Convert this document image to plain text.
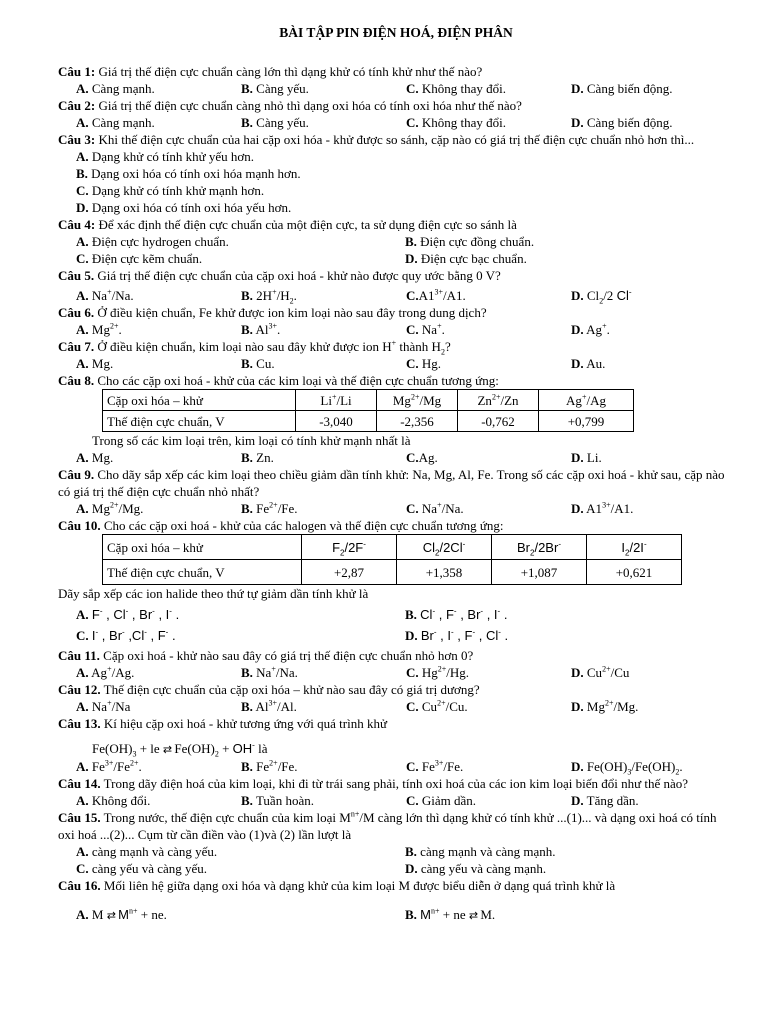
BÀI TẬP PIN ĐIỆN HOÁ, ĐIỆN PHÂN
Câu 1: Giá trị thế điện cực chuẩn càng lớn thì dạng khử có tính khử như thế nào?
A. Càng mạnh.	B. Càng yếu.	C. Không thay đổi.	D. Càng biến động.
Câu 2: Giá trị thế điện cực chuẩn càng nhỏ thì dạng oxi hóa có tính oxi hóa như thế nào?
A. Càng mạnh.	B. Càng yếu.	C. Không thay đổi.	D. Càng biến động.
Câu 3: Khi thế điện cực chuẩn của hai cặp oxi hóa - khử được so sánh, cặp nào có giá trị thế điện cực chuẩn nhỏ hơn thì...
A. Dạng khử có tính khử yếu hơn.
B. Dạng oxi hóa có tính oxi hóa mạnh hơn.
C. Dạng khử có tính khử mạnh hơn.
D. Dạng oxi hóa có tính oxi hóa yếu hơn.
Câu 4: Để xác định thế điện cực chuẩn của một điện cực, ta sử dụng điện cực so sánh là
A. Điện cực hydrogen chuẩn.	B. Điện cực đồng chuẩn.
C. Điện cực kẽm chuẩn.	D. Điện cực bạc chuẩn.
Câu 5. Giá trị thế điện cực chuẩn của cặp oxi hoá - khử nào được quy ước bằng 0 V?
A. Na+/Na.	B. $2H^+/H_2$.	$C.A1^{3+}/A1$.	D. $Cl_2/2$ Cl-
Câu 6. Ở điều kiện chuẩn, Fe khử được ion kim loại nào sau đây trong dung dịch?
A. $Mg^{2+}$.	B. $Al^{3+}$.	C. Na+.	D. Ag+.
Câu 7. Ở điều kiện chuẩn, kim loại nào sau đây khử được ion H+ thành $H_2$?
A. Mg.	B. Cu.	C. Hg.	D. Au.
Câu 8. Cho các cặp oxi hoá - khử của các kim loại và thế điện cực chuẩn tương ứng:
Cặp oxi hóa – khử	Li+/Li	$Mg^{2+}/Mg$	$Zn^{2+}/Zn$	Ag+/Ag
Thế điện cực chuẩn, V	-3,040	-2,356	-0,762	+0,799
Trong số các kim loại trên, kim loại có tính khử mạnh nhất là
A. Mg.	B. Zn.	C.Ag.	D. Li.
Câu 9. Cho dãy sắp xếp các kim loại theo chiều giảm dần tính khử: Na, Mg, Al, Fe. Trong số các cặp oxi hoá - khử sau, cặp nào có giá trị thế điện cực chuẩn nhỏ nhất?
A. $Mg^{2+}/Mg$.	B. $Fe^{2+}/Fe$.	C. Na+/Na.	D. $A1^{3+}/A1$.
Câu 10. Cho các cặp oxi hoá - khử của các halogen và thế điện cực chuẩn tương ứng:
Cặp oxi hóa – khử	$F_2/2F^-$	$Cl_2/2Cl^-$	$Br_2/2Br^-$	$I_2/2I^-$
Thế điện cực chuẩn, V	+2,87	+1,358	+1,087	+0,621
Dãy sắp xếp các ion halide theo thứ tự giảm dần tính khử là
A. F- , Cl- , Br- , I- .	B. Cl- , F- , Br- , I- .
C. I- , Br- ,Cl- , F- .	D. Br- , I- , F- , Cl- .
Câu 11. Cặp oxi hoá - khử nào sau đây có giá trị thế điện cực chuẩn nhỏ hơn 0?
A. Ag+/Ag.	B. Na+/Na.	C. $Hg^{2+}/Hg$.	D. $Cu^{2+}/Cu$
Câu 12. Thế điện cực chuẩn của cặp oxi hóa – khử nào sau đây có giá trị dương?
A. Na+/Na	B. $Al^{3+}/Al$.	C. $Cu^{2+}/Cu$.	D. $Mg^{2+}/Mg$.
Câu 13. Kí hiệu cặp oxi hoá - khử tương ứng với quá trình khử
$Fe(OH)_3$ + le ⇄ $Fe(OH)_2 + OH^-$ là
A. $Fe^{3+}/Fe^{2+}$.	B. $Fe^{2+}/Fe$.	C. $Fe^{3+}/Fe$.	D. $Fe(OH)_3/Fe(OH)_2$.
Câu 14. Trong dãy điện hoá của kim loại, khi đi từ trái sang phải, tính oxi hoá của các ion kim loại biến đổi như thế nào?
A. Không đổi.	B. Tuần hoàn.	C. Giảm dần.	D. Tăng dần.
Câu 15. Trong nước, thế điện cực chuẩn của kim loại $M^{n+}/M$ càng lớn thì dạng khử có tính khử ...(1)... và dạng oxi hoá có tính oxi hoá ...(2)... Cụm từ cần điền vào (1)và (2) lần lượt là
A. càng mạnh và càng yếu.	B. càng mạnh và càng mạnh.
C. càng yếu và càng yếu.	D. càng yếu và càng mạnh.
Câu 16. Mối liên hệ giữa dạng oxi hóa và dạng khử của kim loại M được biểu diễn ở dạng quá trình khử là
A. M ⇄ $M^{n+}$ + ne.	B. $M^{n+}$ + ne ⇄ M.
